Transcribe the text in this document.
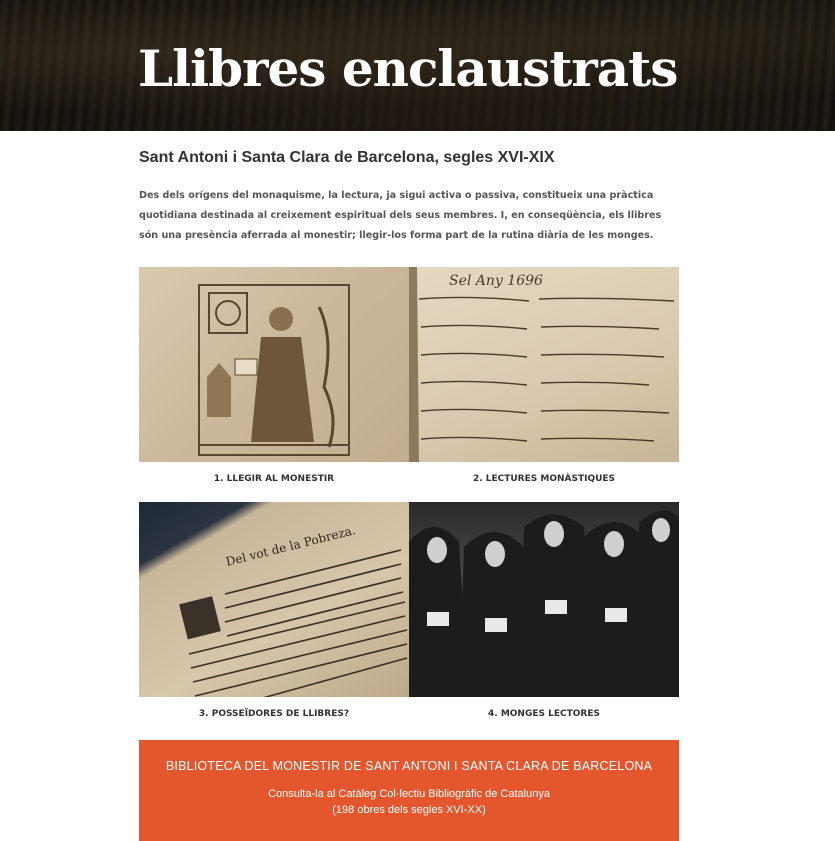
Llibres enclaustrats
Sant Antoni i Santa Clara de Barcelona, segles XVI-XIX

Des dels orígens del monaquisme, la lectura, ja sigui activa o passiva, constitueix una pràctica quotidiana destinada al creixement espiritual dels seus membres. I, en conseqüència, els llibres són una presència aferrada al monestir; llegir-los forma part de la rutina diària de les monges.

1. LLEGIR AL MONESTIR
Sel Any 1696
2. LECTURES MONÀSTIQUES
Del vot de la Pobreza.
3. POSSEÏDORES DE LLIBRES?	4. MONGES LECTORES
BIBLIOTECA DEL MONESTIR DE SANT ANTONI I SANTA CLARA DE BARCELONA
Consulta-la al Catàleg Col·lectiu Bibliogràfic de Catalunya
(198 obres dels segles XVI-XX)
